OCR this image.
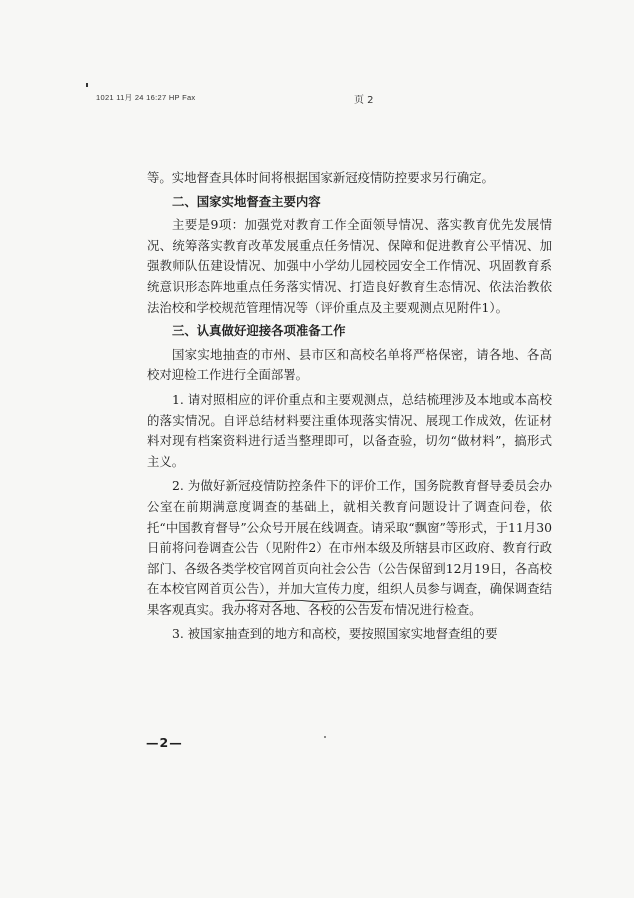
1021 11月 24 16:27 HP Fax	页 2

等。实地督查具体时间将根据国家新冠疫情防控要求另行确定。

二、国家实地督查主要内容

主要是9项：加强党对教育工作全面领导情况、落实教育优先发展情况、统筹落实教育改革发展重点任务情况、保障和促进教育公平情况、加强教师队伍建设情况、加强中小学幼儿园校园安全工作情况、巩固教育系统意识形态阵地重点任务落实情况、打造良好教育生态情况、依法治教依法治校和学校规范管理情况等（评价重点及主要观测点见附件1）。

三、认真做好迎接各项准备工作

国家实地抽查的市州、县市区和高校名单将严格保密，请各地、各高校对迎检工作进行全面部署。

1. 请对照相应的评价重点和主要观测点，总结梳理涉及本地或本高校的落实情况。自评总结材料要注重体现落实情况、展现工作成效，佐证材料对现有档案资料进行适当整理即可，以备查验，切勿“做材料”，搞形式主义。

2. 为做好新冠疫情防控条件下的评价工作，国务院教育督导委员会办公室在前期满意度调查的基础上，就相关教育问题设计了调查问卷，依托“中国教育督导”公众号开展在线调查。请采取“飘窗”等形式，于11月30日前将问卷调查公告（见附件2）在市州本级及所辖县市区政府、教育行政部门、各级各类学校官网首页向社会公告（公告保留到12月19日，各高校在本校官网首页公告），并加大宣传力度，组织人员参与调查，确保调查结果客观真实。我办将对各地、各校的公告发布情况进行检查。

3. 被国家抽查到的地方和高校，要按照国家实地督查组的要

—2—
